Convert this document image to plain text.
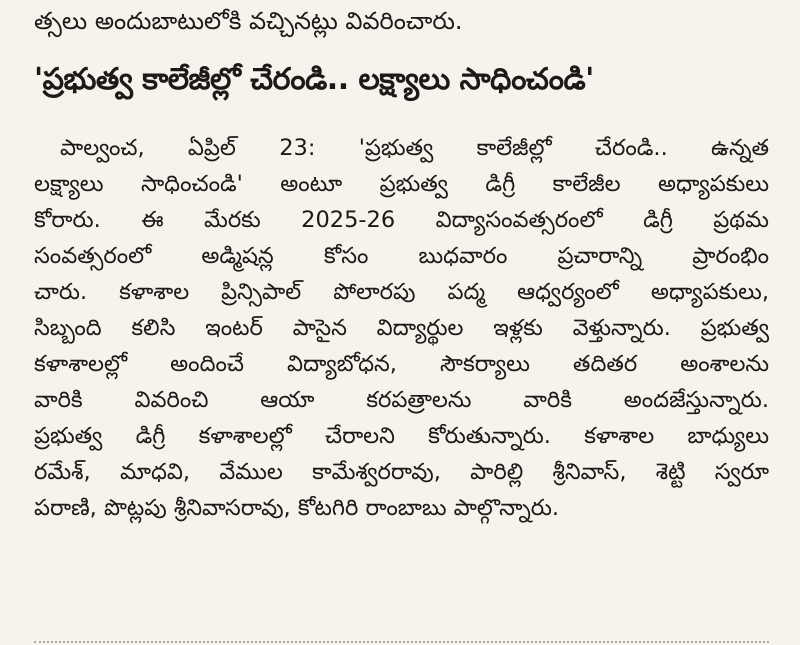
త్సలు అందుబాటులోకి వచ్చినట్లు వివరించారు.
'ప్రభుత్వ కాలేజీల్లో చేరండి.. లక్ష్యాలు సాధించండి'
పాల్వంచ, ఏప్రిల్ 23: 'ప్రభుత్వ కాలేజీల్లో చేరండి.. ఉన్నత
లక్ష్యాలు సాధించండి' అంటూ ప్రభుత్వ డిగ్రీ కాలేజీల అధ్యాపకులు
కోరారు. ఈ మేరకు 2025-26 విద్యాసంవత్సరంలో డిగ్రీ ప్రథమ
సంవత్సరంలో అడ్మిషన్ల కోసం బుధవారం ప్రచారాన్ని ప్రారంభిం
చారు. కళాశాల ప్రిన్సిపాల్ పోలారపు పద్మ ఆధ్వర్యంలో అధ్యాపకులు,
సిబ్బంది కలిసి ఇంటర్ పాసైన విద్యార్థుల ఇళ్లకు వెళ్తున్నారు. ప్రభుత్వ
కళాశాలల్లో అందించే విద్యాబోధన, సౌకర్యాలు తదితర అంశాలను
వారికి వివరించి ఆయా కరపత్రాలను వారికి అందజేస్తున్నారు.
ప్రభుత్వ డిగ్రీ కళాశాలల్లో చేరాలని కోరుతున్నారు. కళాశాల బాధ్యులు
రమేశ్, మాధవి, వేముల కామేశ్వరరావు, పారిల్లి శ్రీనివాస్, శెట్టి స్వరూ
పరాణి, పొట్లపు శ్రీనివాసరావు, కోటగిరి రాంబాబు పాల్గొన్నారు.
